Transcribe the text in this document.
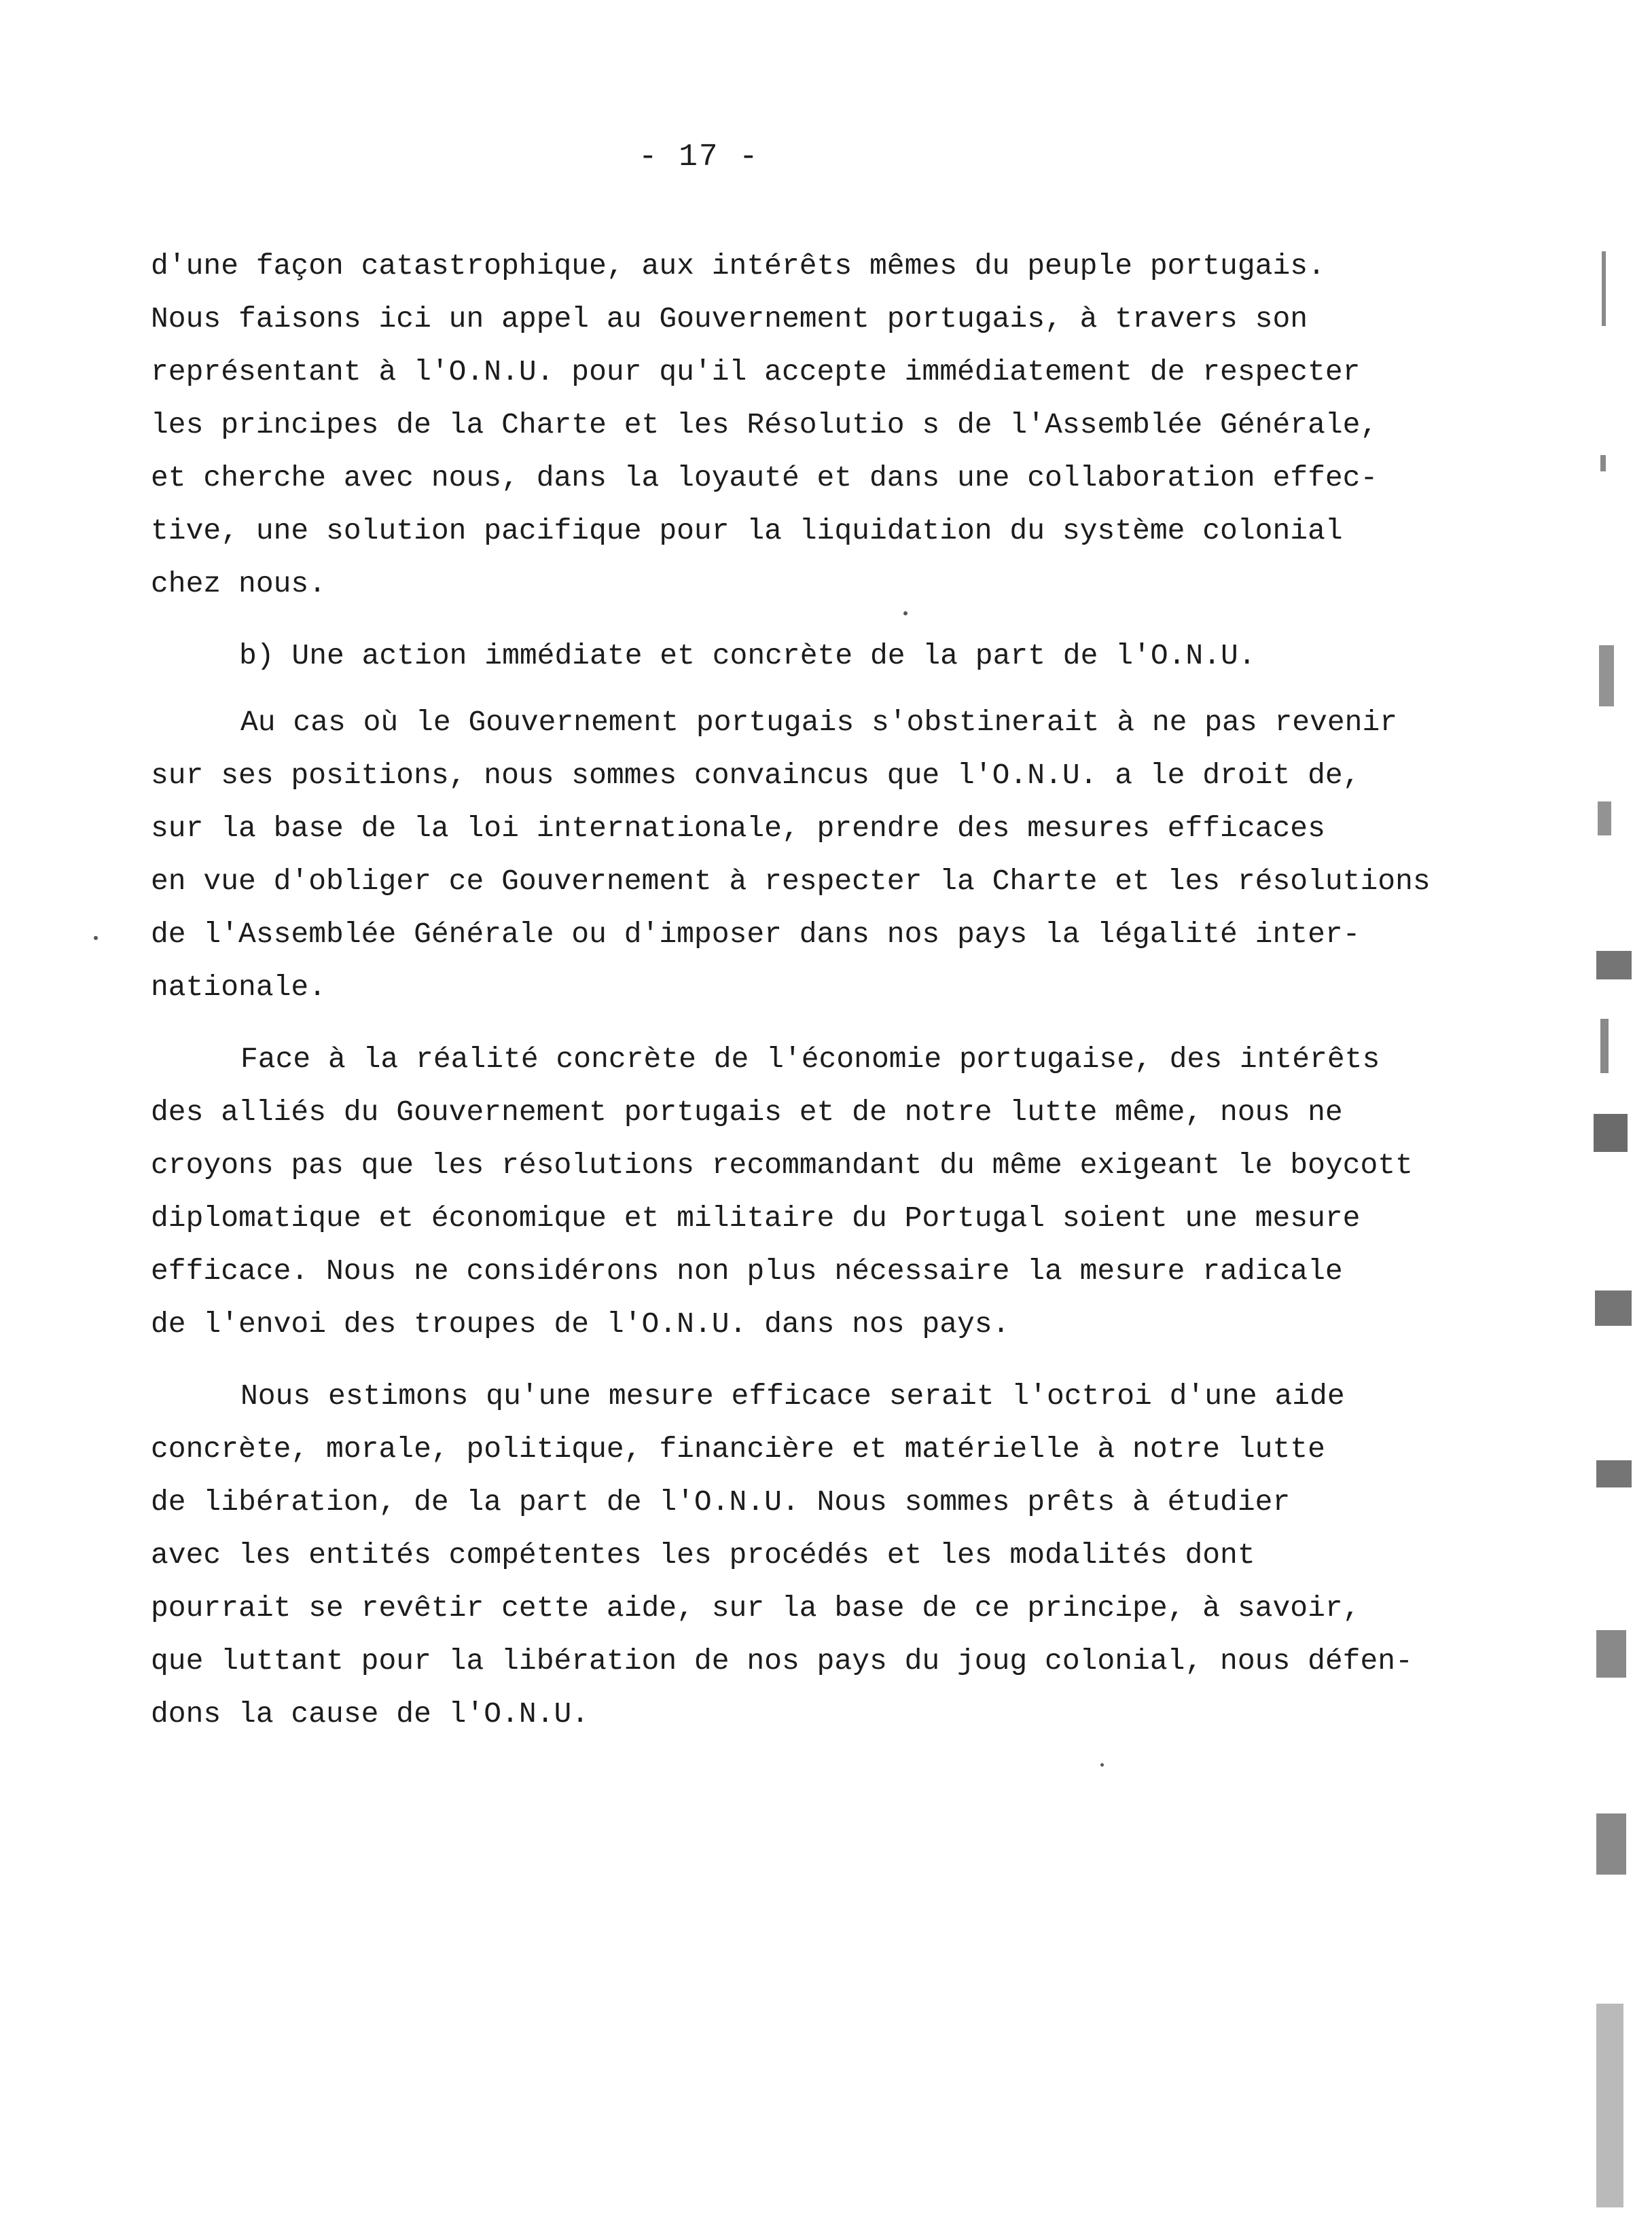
- 17 -
d'une façon catastrophique, aux intérêts mêmes du peuple portugais.
Nous faisons ici un appel au Gouvernement portugais, à travers son
représentant à l'O.N.U. pour qu'il accepte immédiatement de respecter
les principes de la Charte et les Résolutio s de l'Assemblée Générale,
et cherche avec nous, dans la loyauté et dans une collaboration effec-
tive, une solution pacifique pour la liquidation du système colonial
chez nous.
b) Une action immédiate et concrète de la part de l'O.N.U.
Au cas où le Gouvernement portugais s'obstinerait à ne pas revenir
sur ses positions, nous sommes convaincus que l'O.N.U. a le droit de,
sur la base de la loi internationale, prendre des mesures efficaces
en vue d'obliger ce Gouvernement à respecter la Charte et les résolutions
de l'Assemblée Générale ou d'imposer dans nos pays la légalité inter-
nationale.
Face à la réalité concrète de l'économie portugaise, des intérêts
des alliés du Gouvernement portugais et de notre lutte même, nous ne
croyons pas que les résolutions recommandant du même exigeant le boycott
diplomatique et économique et militaire du Portugal soient une mesure
efficace. Nous ne considérons non plus nécessaire la mesure radicale
de l'envoi des troupes de l'O.N.U. dans nos pays.
Nous estimons qu'une mesure efficace serait l'octroi d'une aide
concrète, morale, politique, financière et matérielle à notre lutte
de libération, de la part de l'O.N.U. Nous sommes prêts à étudier
avec les entités compétentes les procédés et les modalités dont
pourrait se revêtir cette aide, sur la base de ce principe, à savoir,
que luttant pour la libération de nos pays du joug colonial, nous défen-
dons la cause de l'O.N.U.
